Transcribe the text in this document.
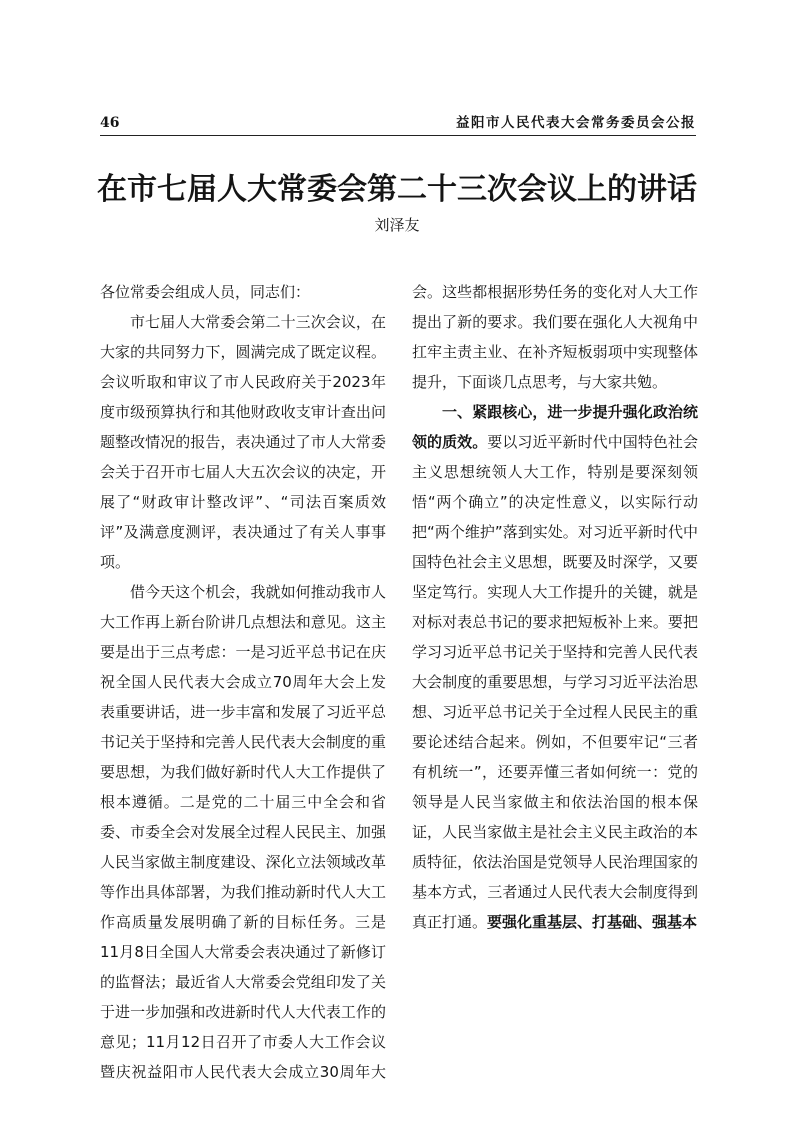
46	益阳市人民代表大会常务委员会公报
在市七届人大常委会第二十三次会议上的讲话
刘泽友

各位常委会组成人员，同志们：

市七届人大常委会第二十三次会议，在大家的共同努力下，圆满完成了既定议程。会议听取和审议了市人民政府关于2023年度市级预算执行和其他财政收支审计查出问题整改情况的报告，表决通过了市人大常委会关于召开市七届人大五次会议的决定，开展了“财政审计整改评”、“司法百案质效评”及满意度测评，表决通过了有关人事事项。

借今天这个机会，我就如何推动我市人大工作再上新台阶讲几点想法和意见。这主要是出于三点考虑：一是习近平总书记在庆祝全国人民代表大会成立70周年大会上发表重要讲话，进一步丰富和发展了习近平总书记关于坚持和完善人民代表大会制度的重要思想，为我们做好新时代人大工作提供了根本遵循。二是党的二十届三中全会和省委、市委全会对发展全过程人民民主、加强人民当家做主制度建设、深化立法领域改革等作出具体部署，为我们推动新时代人大工作高质量发展明确了新的目标任务。三是11月8日全国人大常委会表决通过了新修订的监督法；最近省人大常委会党组印发了关于进一步加强和改进新时代人大代表工作的意见；11月12日召开了市委人大工作会议暨庆祝益阳市人民代表大会成立30周年大

会。这些都根据形势任务的变化对人大工作提出了新的要求。我们要在强化人大视角中扛牢主责主业、在补齐短板弱项中实现整体提升，下面谈几点思考，与大家共勉。

一、紧跟核心，进一步提升强化政治统领的质效。要以习近平新时代中国特色社会主义思想统领人大工作，特别是要深刻领悟“两个确立”的决定性意义，以实际行动把“两个维护”落到实处。对习近平新时代中国特色社会主义思想，既要及时深学，又要坚定笃行。实现人大工作提升的关键，就是对标对表总书记的要求把短板补上来。要把学习习近平总书记关于坚持和完善人民代表大会制度的重要思想，与学习习近平法治思想、习近平总书记关于全过程人民民主的重要论述结合起来。例如，不但要牢记“三者有机统一”，还要弄懂三者如何统一：党的领导是人民当家做主和依法治国的根本保证，人民当家做主是社会主义民主政治的本质特征，依法治国是党领导人民治理国家的基本方式，三者通过人民代表大会制度得到真正打通。要强化重基层、打基础、强基本
